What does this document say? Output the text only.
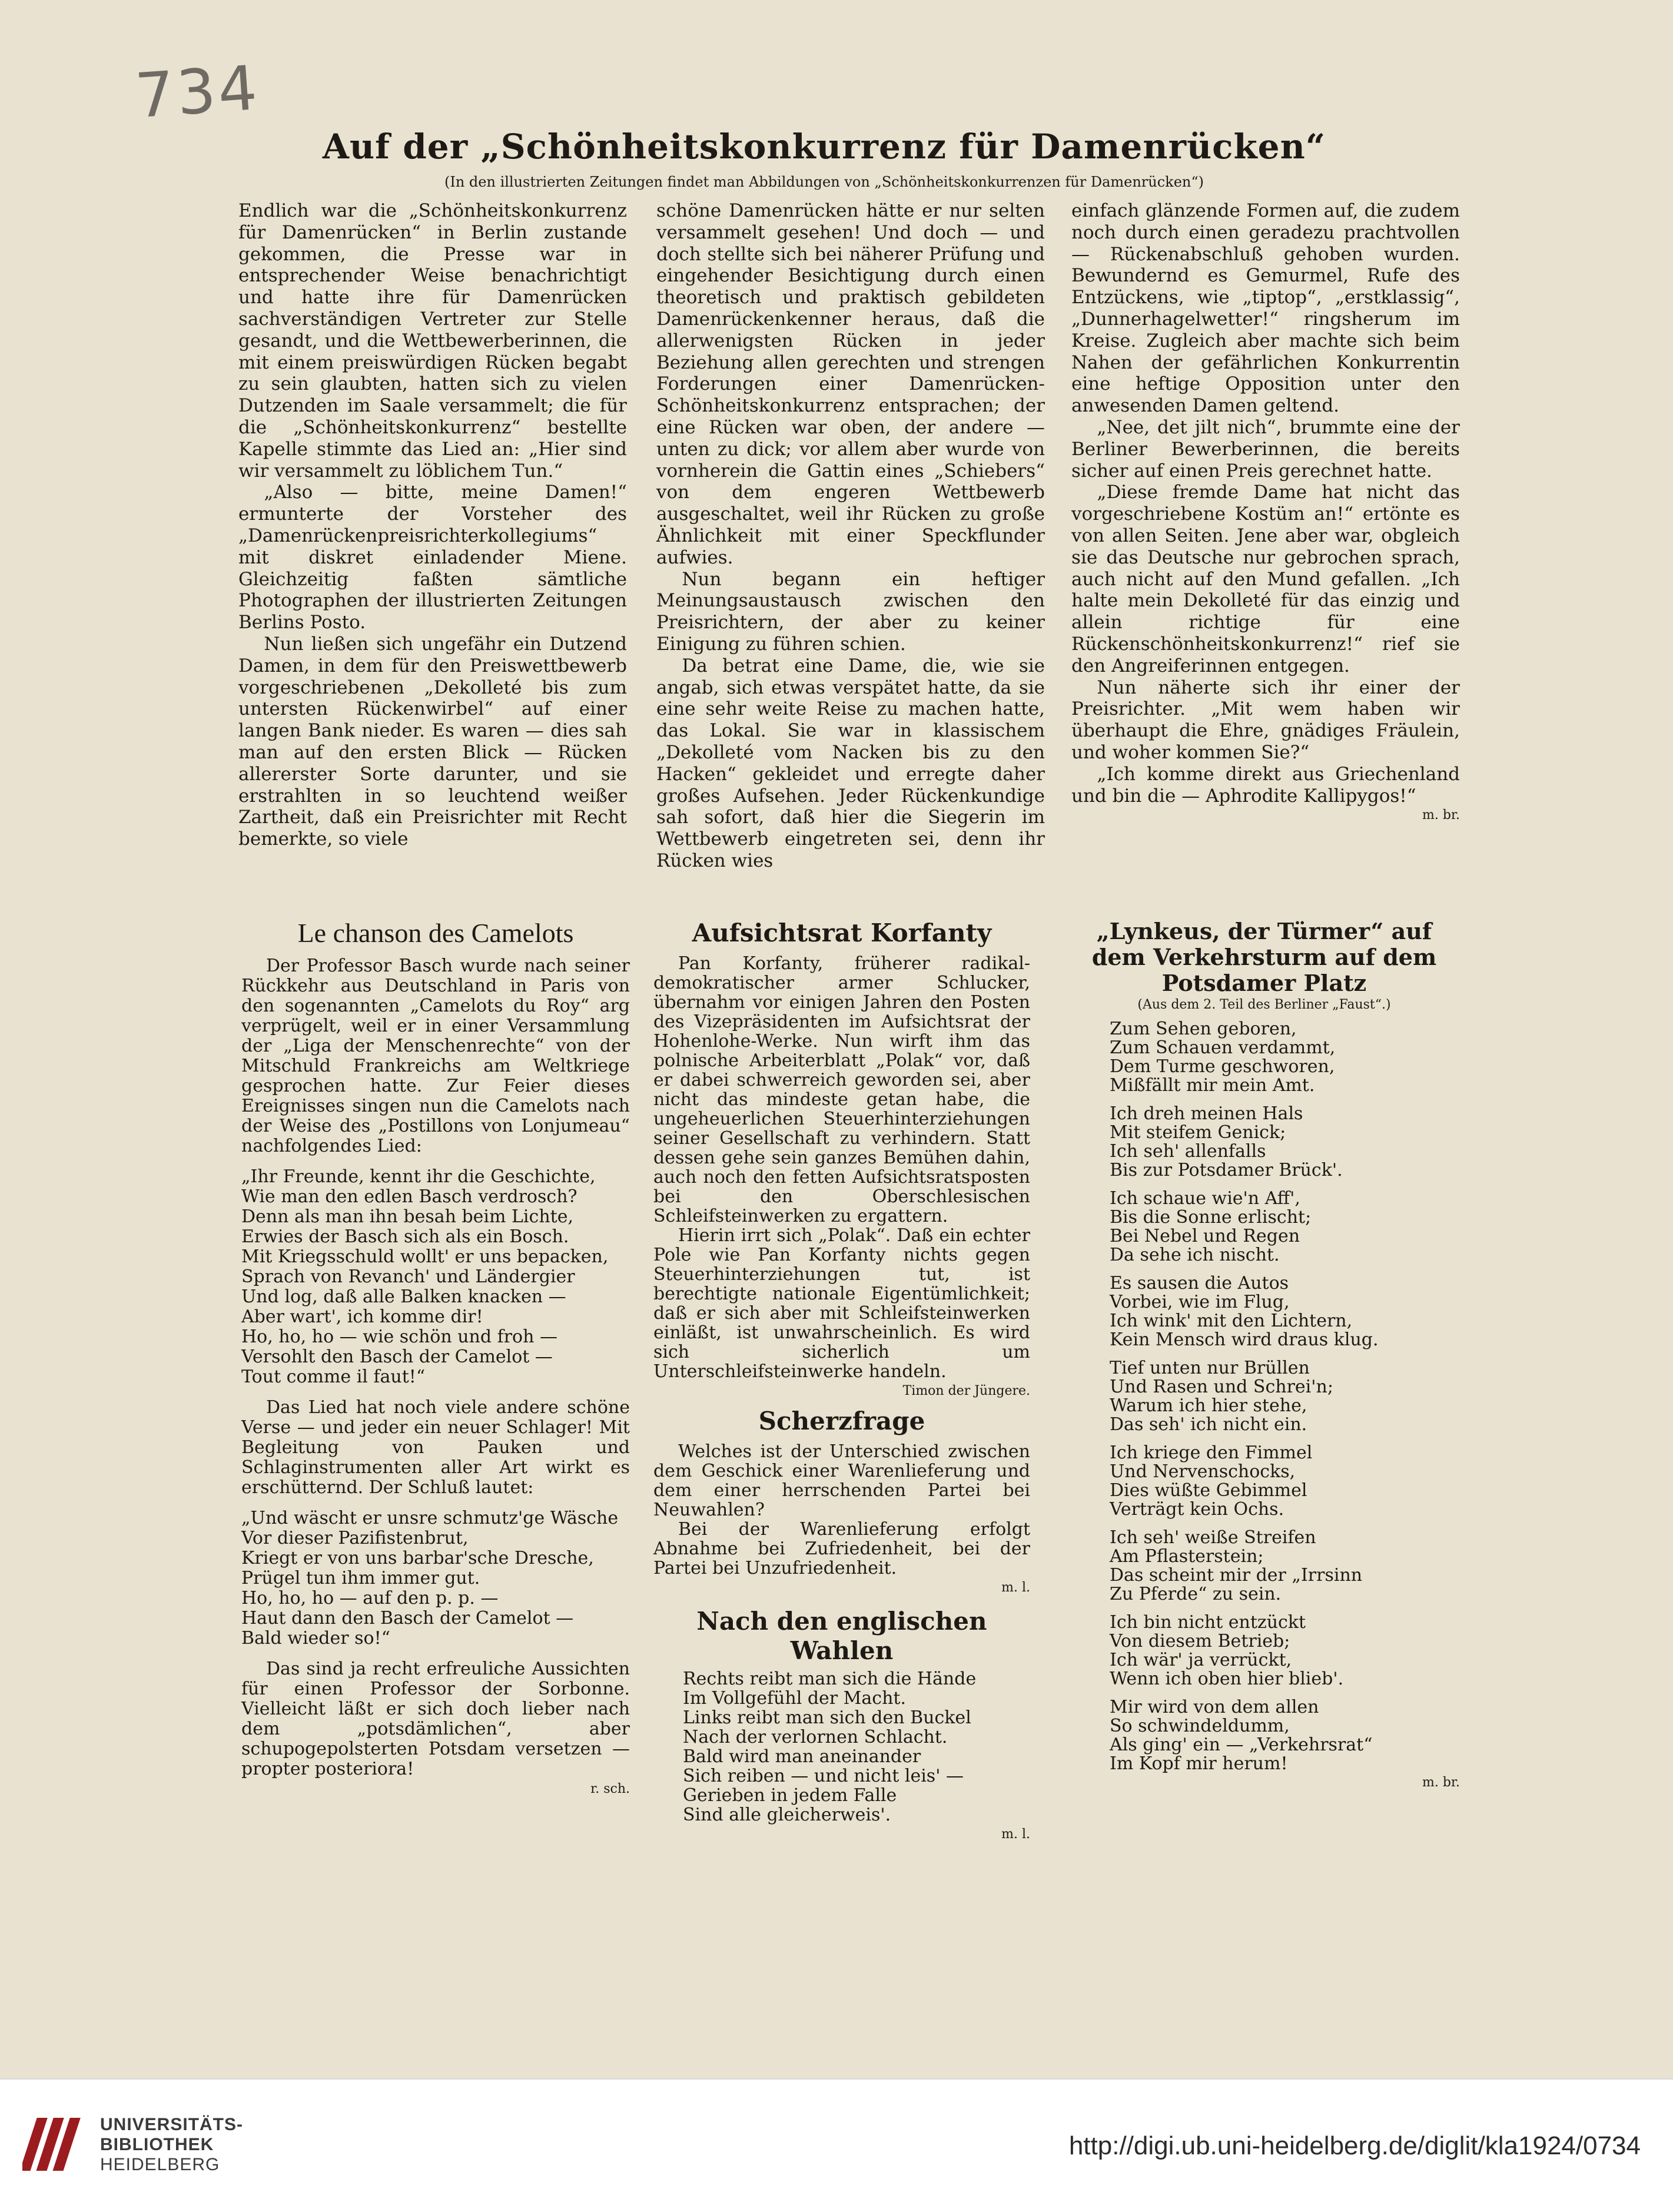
734
Auf der „Schönheitskonkurrenz für Damenrücken“
(In den illustrierten Zeitungen findet man Abbildungen von „Schönheitskonkurrenzen für Damenrücken“)

Endlich war die „Schönheitskonkurrenz für Damenrücken“ in Berlin zustande gekommen, die Presse war in entsprechender Weise benachrichtigt und hatte ihre für Damenrücken sachverständigen Vertreter zur Stelle gesandt, und die Wettbewerberinnen, die mit einem preiswürdigen Rücken begabt zu sein glaubten, hatten sich zu vielen Dutzenden im Saale versammelt; die für die „Schönheitskonkurrenz“ bestellte Kapelle stimmte das Lied an: „Hier sind wir versammelt zu löblichem Tun.“

„Also — bitte, meine Damen!“ ermunterte der Vorsteher des „Damenrückenpreisrichterkollegiums“ mit diskret einladender Miene. Gleichzeitig faßten sämtliche Photographen der illustrierten Zeitungen Berlins Posto.

Nun ließen sich ungefähr ein Dutzend Damen, in dem für den Preiswettbewerb vorgeschriebenen „Dekolleté bis zum untersten Rückenwirbel“ auf einer langen Bank nieder. Es waren — dies sah man auf den ersten Blick — Rücken allererster Sorte darunter, und sie erstrahlten in so leuchtend weißer Zartheit, daß ein Preisrichter mit Recht bemerkte, so viele

schöne Damenrücken hätte er nur selten versammelt gesehen! Und doch — und doch stellte sich bei näherer Prüfung und eingehender Besichtigung durch einen theoretisch und praktisch gebildeten Damenrückenkenner heraus, daß die allerwenigsten Rücken in jeder Beziehung allen gerechten und strengen Forderungen einer Damenrücken-Schönheitskonkurrenz entsprachen; der eine Rücken war oben, der andere — unten zu dick; vor allem aber wurde von vornherein die Gattin eines „Schiebers“ von dem engeren Wettbewerb ausgeschaltet, weil ihr Rücken zu große Ähnlichkeit mit einer Speckflunder aufwies.

Nun begann ein heftiger Meinungsaustausch zwischen den Preisrichtern, der aber zu keiner Einigung zu führen schien.

Da betrat eine Dame, die, wie sie angab, sich etwas verspätet hatte, da sie eine sehr weite Reise zu machen hatte, das Lokal. Sie war in klassischem „Dekolleté vom Nacken bis zu den Hacken“ gekleidet und erregte daher großes Aufsehen. Jeder Rückenkundige sah sofort, daß hier die Siegerin im Wettbewerb eingetreten sei, denn ihr Rücken wies

einfach glänzende Formen auf, die zudem noch durch einen geradezu prachtvollen — Rückenabschluß gehoben wurden. Bewundernd es Gemurmel, Rufe des Entzückens, wie „tiptop“, „erstklassig“, „Dunnerhagelwetter!“ ringsherum im Kreise. Zugleich aber machte sich beim Nahen der gefährlichen Konkurrentin eine heftige Opposition unter den anwesenden Damen geltend.

„Nee, det jilt nich“, brummte eine der Berliner Bewerberinnen, die bereits sicher auf einen Preis gerechnet hatte.

„Diese fremde Dame hat nicht das vorgeschriebene Kostüm an!“ ertönte es von allen Seiten. Jene aber war, obgleich sie das Deutsche nur gebrochen sprach, auch nicht auf den Mund gefallen. „Ich halte mein Dekolleté für das einzig und allein richtige für eine Rückenschönheitskonkurrenz!“ rief sie den Angreiferinnen entgegen.

Nun näherte sich ihr einer der Preisrichter. „Mit wem haben wir überhaupt die Ehre, gnädiges Fräulein, und woher kommen Sie?“

„Ich komme direkt aus Griechenland und bin die — Aphrodite Kallipygos!“

m. br.

Le chanson des Camelots

Der Professor Basch wurde nach seiner Rückkehr aus Deutschland in Paris von den sogenannten „Camelots du Roy“ arg verprügelt, weil er in einer Versammlung der „Liga der Menschenrechte“ von der Mitschuld Frankreichs am Weltkriege gesprochen hatte. Zur Feier dieses Ereignisses singen nun die Camelots nach der Weise des „Postillons von Lonjumeau“ nachfolgendes Lied:

„Ihr Freunde, kennt ihr die Geschichte,
Wie man den edlen Basch verdrosch?
Denn als man ihn besah beim Lichte,
Erwies der Basch sich als ein Bosch.
Mit Kriegsschuld wollt' er uns bepacken,
Sprach von Revanch' und Ländergier
Und log, daß alle Balken knacken —
Aber wart', ich komme dir!
Ho, ho, ho — wie schön und froh —
Versohlt den Basch der Camelot —
Tout comme il faut!“

Das Lied hat noch viele andere schöne Verse — und jeder ein neuer Schlager! Mit Begleitung von Pauken und Schlaginstrumenten aller Art wirkt es erschütternd. Der Schluß lautet:

„Und wäscht er unsre schmutz'ge Wäsche
Vor dieser Pazifistenbrut,
Kriegt er von uns barbar'sche Dresche,
Prügel tun ihm immer gut.
Ho, ho, ho — auf den p. p. —
Haut dann den Basch der Camelot —
Bald wieder so!“

Das sind ja recht erfreuliche Aussichten für einen Professor der Sorbonne. Vielleicht läßt er sich doch lieber nach dem „potsdämlichen“, aber schupogepolsterten Potsdam versetzen — propter posteriora!

r. sch.
Aufsichtsrat Korfanty

Pan Korfanty, früherer radikal-demokratischer armer Schlucker, übernahm vor einigen Jahren den Posten des Vizepräsidenten im Aufsichtsrat der Hohenlohe-Werke. Nun wirft ihm das polnische Arbeiterblatt „Polak“ vor, daß er dabei schwerreich geworden sei, aber nicht das mindeste getan habe, die ungeheuerlichen Steuerhinterziehungen seiner Gesellschaft zu verhindern. Statt dessen gehe sein ganzes Bemühen dahin, auch noch den fetten Aufsichtsratsposten bei den Oberschlesischen Schleifsteinwerken zu ergattern.

Hierin irrt sich „Polak“. Daß ein echter Pole wie Pan Korfanty nichts gegen Steuerhinterziehungen tut, ist berechtigte nationale Eigentümlichkeit; daß er sich aber mit Schleifsteinwerken einläßt, ist unwahrscheinlich. Es wird sich sicherlich um Unterschleifsteinwerke handeln.

Timon der Jüngere.
Scherzfrage

Welches ist der Unterschied zwischen dem Geschick einer Warenlieferung und dem einer herrschenden Partei bei Neuwahlen?

Bei der Warenlieferung erfolgt Abnahme bei Zufriedenheit, bei der Partei bei Unzufriedenheit.

m. l.
Nach den englischen Wahlen
Rechts reibt man sich die Hände
Im Vollgefühl der Macht.
Links reibt man sich den Buckel
Nach der verlornen Schlacht.
Bald wird man aneinander
Sich reiben — und nicht leis' —
Gerieben in jedem Falle
Sind alle gleicherweis'.
m. l.
„Lynkeus, der Türmer“ auf dem Verkehrsturm auf dem Potsdamer Platz
(Aus dem 2. Teil des Berliner „Faust“.)
Zum Sehen geboren,
Zum Schauen verdammt,
Dem Turme geschworen,
Mißfällt mir mein Amt.
Ich dreh meinen Hals
Mit steifem Genick;
Ich seh' allenfalls
Bis zur Potsdamer Brück'.
Ich schaue wie'n Aff',
Bis die Sonne erlischt;
Bei Nebel und Regen
Da sehe ich nischt.
Es sausen die Autos
Vorbei, wie im Flug,
Ich wink' mit den Lichtern,
Kein Mensch wird draus klug.
Tief unten nur Brüllen
Und Rasen und Schrei'n;
Warum ich hier stehe,
Das seh' ich nicht ein.
Ich kriege den Fimmel
Und Nervenschocks,
Dies wüßte Gebimmel
Verträgt kein Ochs.
Ich seh' weiße Streifen
Am Pflasterstein;
Das scheint mir der „Irrsinn
Zu Pferde“ zu sein.
Ich bin nicht entzückt
Von diesem Betrieb;
Ich wär' ja verrückt,
Wenn ich oben hier blieb'.
Mir wird von dem allen
So schwindeldumm,
Als ging' ein — „Verkehrsrat“
Im Kopf mir herum!
m. br.
UNIVERSITÄTS-
BIBLIOTHEK
HEIDELBERG
http://digi.ub.uni-heidelberg.de/diglit/kla1924/0734
